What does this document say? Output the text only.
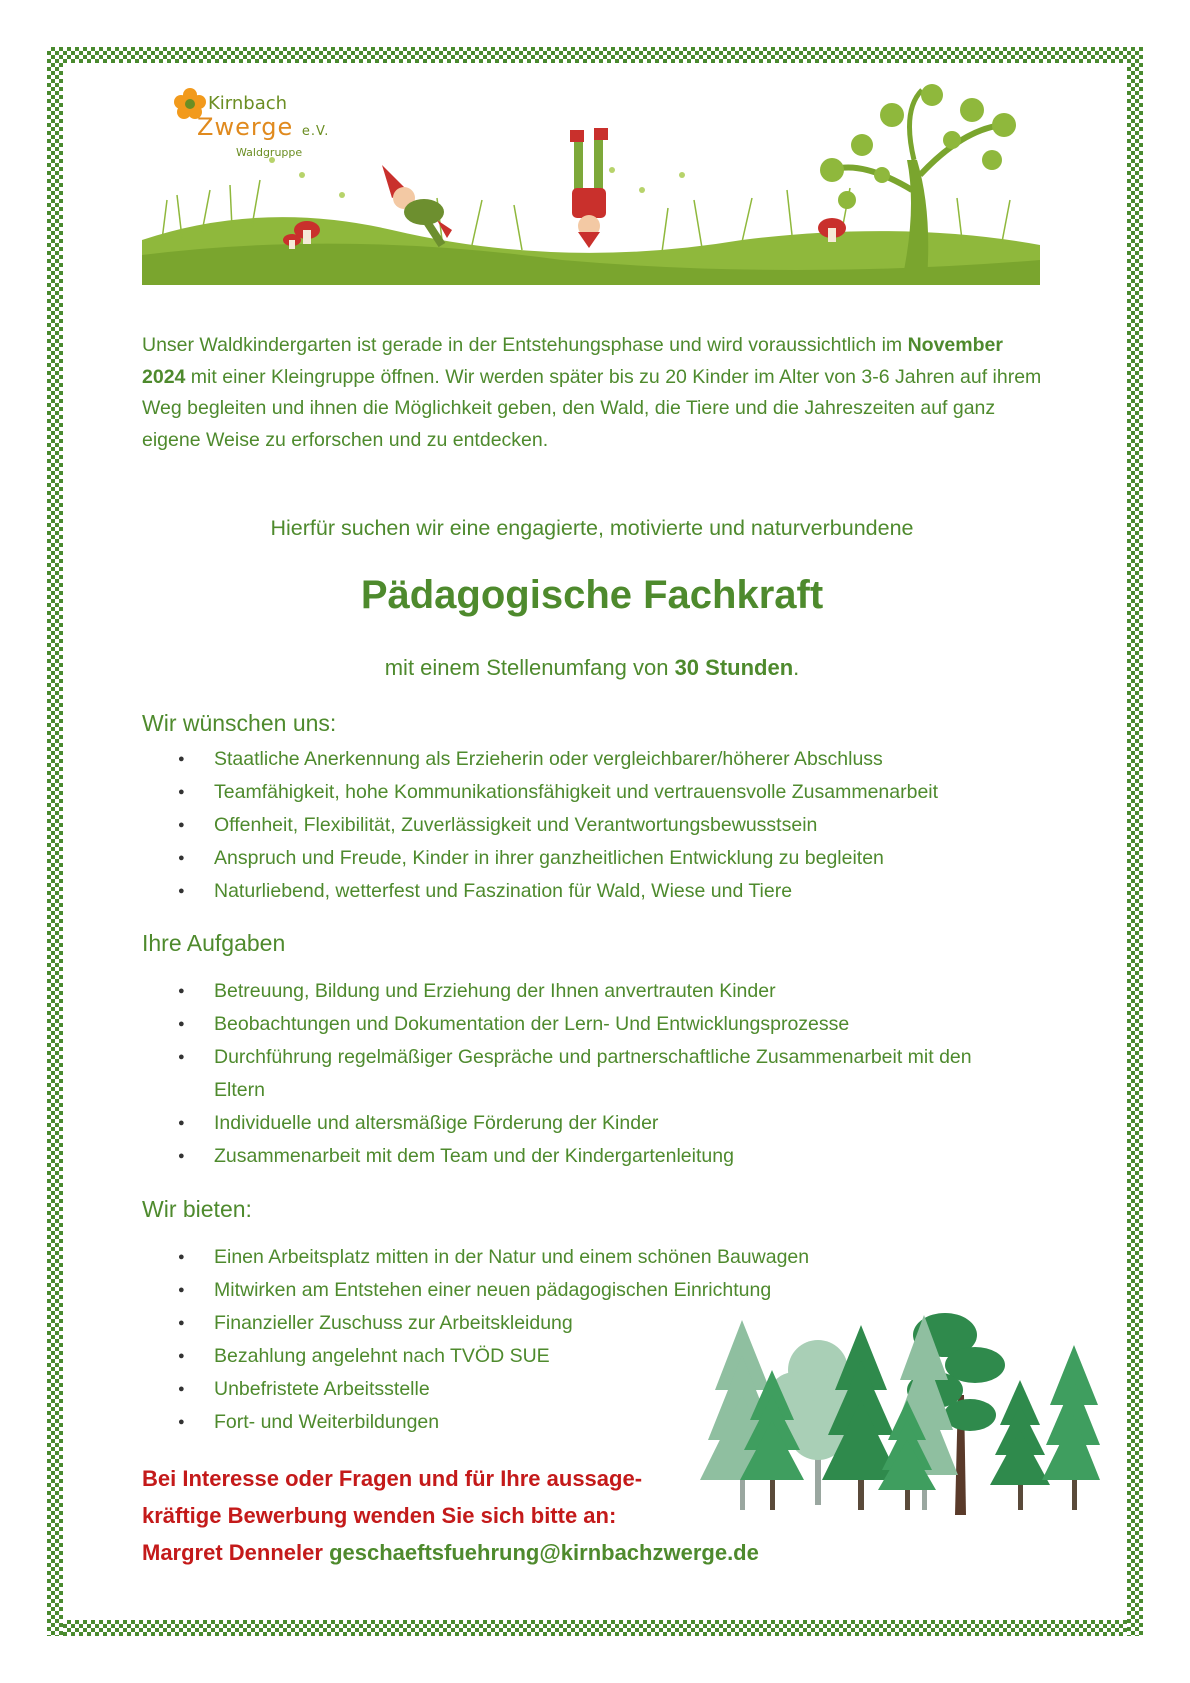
Kirnbach
Zwerge e.V.
Waldgruppe

Unser Waldkindergarten ist gerade in der Entstehungsphase und wird voraussichtlich im November 2024 mit einer Kleingruppe öffnen. Wir werden später bis zu 20 Kinder im Alter von 3-6 Jahren auf ihrem Weg begleiten und ihnen die Möglichkeit geben, den Wald, die Tiere und die Jahreszeiten auf ganz eigene Weise zu erforschen und zu entdecken.

Hierfür suchen wir eine engagierte, motivierte und naturverbundene

Pädagogische Fachkraft

mit einem Stellenumfang von 30 Stunden.

Wir wünschen uns:
● Staatliche Anerkennung als Erzieherin oder vergleichbarer/höherer Abschluss
● Teamfähigkeit, hohe Kommunikationsfähigkeit und vertrauensvolle Zusammenarbeit
● Offenheit, Flexibilität, Zuverlässigkeit und Verantwortungsbewusstsein
● Anspruch und Freude, Kinder in ihrer ganzheitlichen Entwicklung zu begleiten
● Naturliebend, wetterfest und Faszination für Wald, Wiese und Tiere
Ihre Aufgaben
● Betreuung, Bildung und Erziehung der Ihnen anvertrauten Kinder
● Beobachtungen und Dokumentation der Lern- Und Entwicklungsprozesse
● Durchführung regelmäßiger Gespräche und partnerschaftliche Zusammenarbeit mit den Eltern
● Individuelle und altersmäßige Förderung der Kinder
● Zusammenarbeit mit dem Team und der Kindergartenleitung
Wir bieten:
● Einen Arbeitsplatz mitten in der Natur und einem schönen Bauwagen
● Mitwirken am Entstehen einer neuen pädagogischen Einrichtung
● Finanzieller Zuschuss zur Arbeitskleidung
● Bezahlung angelehnt nach TVÖD SUE
● Unbefristete Arbeitsstelle
● Fort- und Weiterbildungen
Bei Interesse oder Fragen und für Ihre aussage-
kräftige Bewerbung wenden Sie sich bitte an:
Margret Denneler geschaeftsfuehrung@kirnbachzwerge.de
